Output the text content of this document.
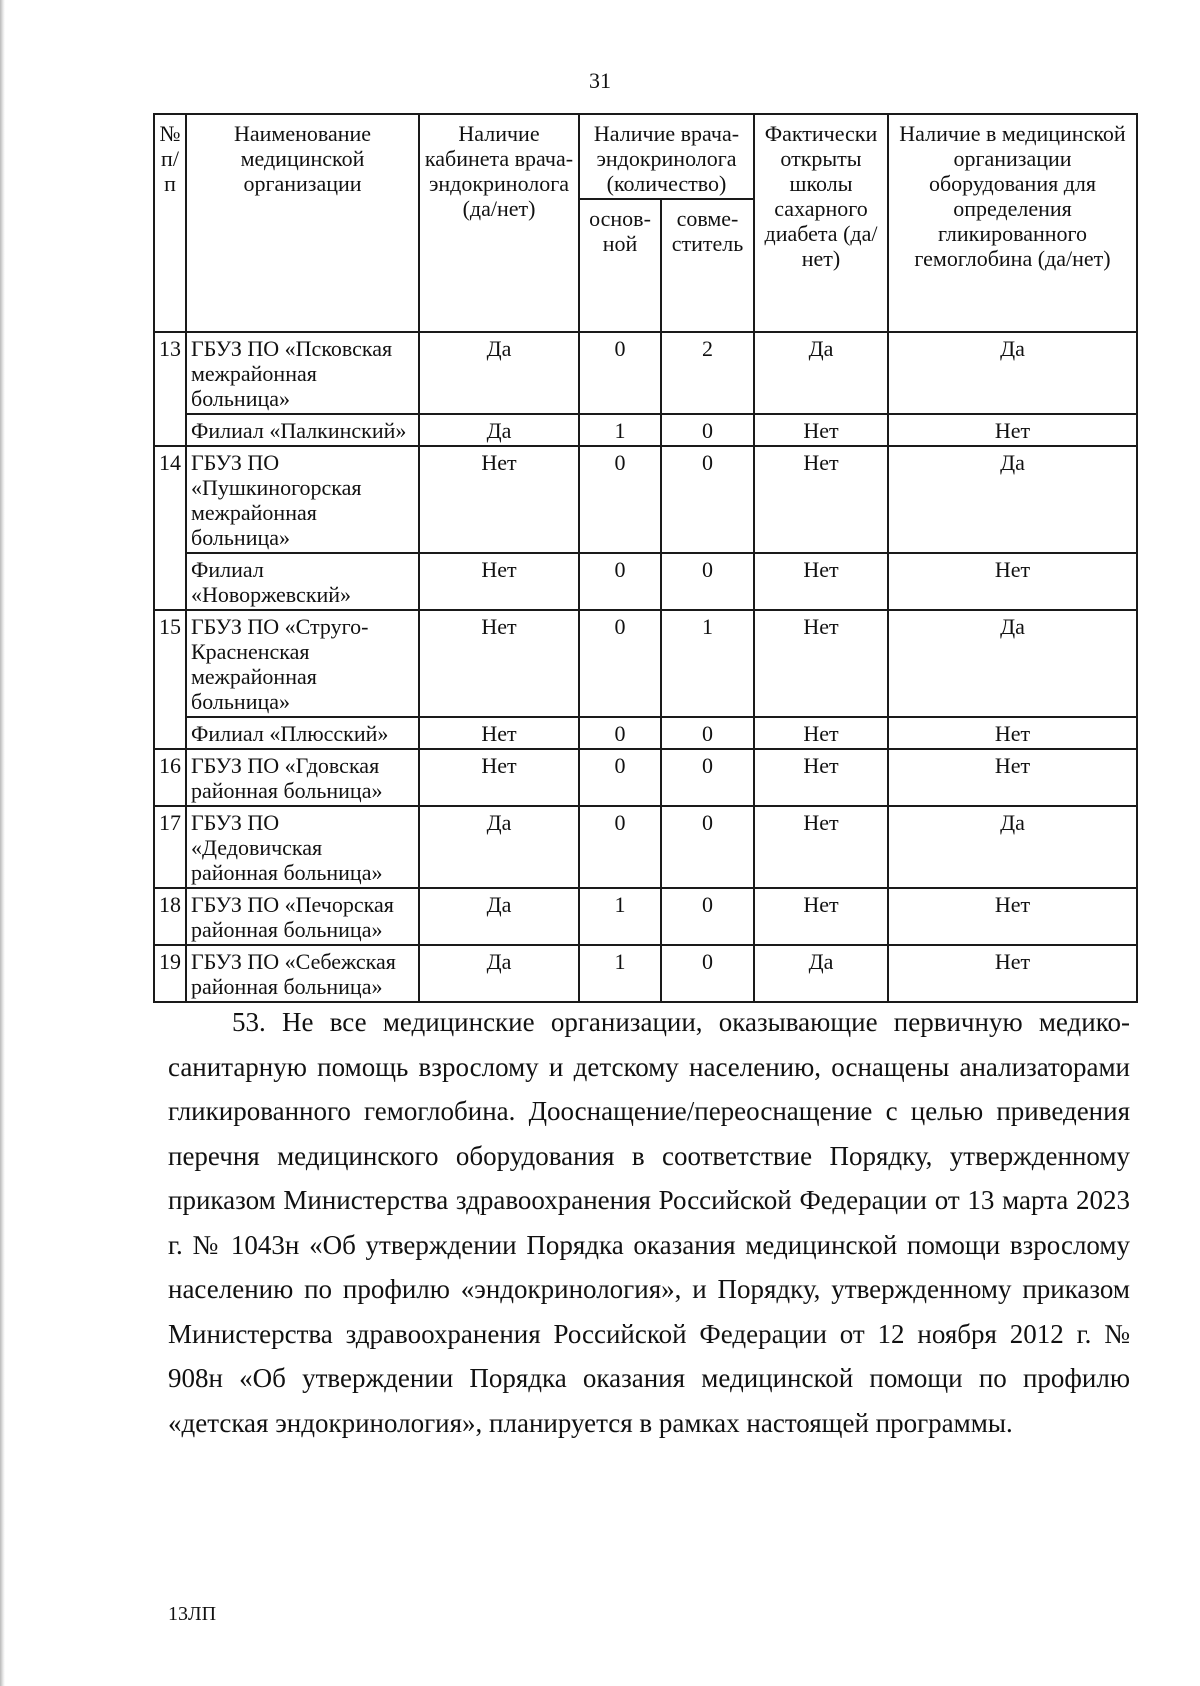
31
№ п/п	Наименование медицинской организации	Наличие кабинета врача-эндокринолога (да/нет)	Наличие врача-эндокринолога (количество)		Фактически открыты школы сахарного диабета (да/нет)	Наличие в медицинской организации оборудования для определения гликированного гемоглобина (да/нет)
			основ-ной	совме-ститель		
13	ГБУЗ ПО «Псковская межрайонная больница»	Да	0	2	Да	Да
	Филиал «Палкинский»	Да	1	0	Нет	Нет
14	ГБУЗ ПО «Пушкиногорская межрайонная больница»	Нет	0	0	Нет	Да
	Филиал «Новоржевский»	Нет	0	0	Нет	Нет
15	ГБУЗ ПО «Струго-Красненская межрайонная больница»	Нет	0	1	Нет	Да
	Филиал «Плюсский»	Нет	0	0	Нет	Нет
16	ГБУЗ ПО «Гдовская районная больница»	Нет	0	0	Нет	Нет
17	ГБУЗ ПО «Дедовичская районная больница»	Да	0	0	Нет	Да
18	ГБУЗ ПО «Печорская районная больница»	Да	1	0	Нет	Нет
19	ГБУЗ ПО «Себежская районная больница»	Да	1	0	Да	Нет

53. Не все медицинские организации, оказывающие первичную медико-санитарную помощь взрослому и детскому населению, оснащены анализаторами гликированного гемоглобина. Дооснащение/переоснащение с целью приведения перечня медицинского оборудования в соответствие Порядку, утвержденному приказом Министерства здравоохранения Российской Федерации от 13 марта 2023 г. № 1043н «Об утверждении Порядка оказания медицинской помощи взрослому населению по профилю «эндокринология», и Порядку, утвержденному приказом Министерства здравоохранения Российской Федерации от 12 ноября 2012 г. № 908н «Об утверждении Порядка оказания медицинской помощи по профилю «детская эндокринология», планируется в рамках настоящей программы.

13ЛП
